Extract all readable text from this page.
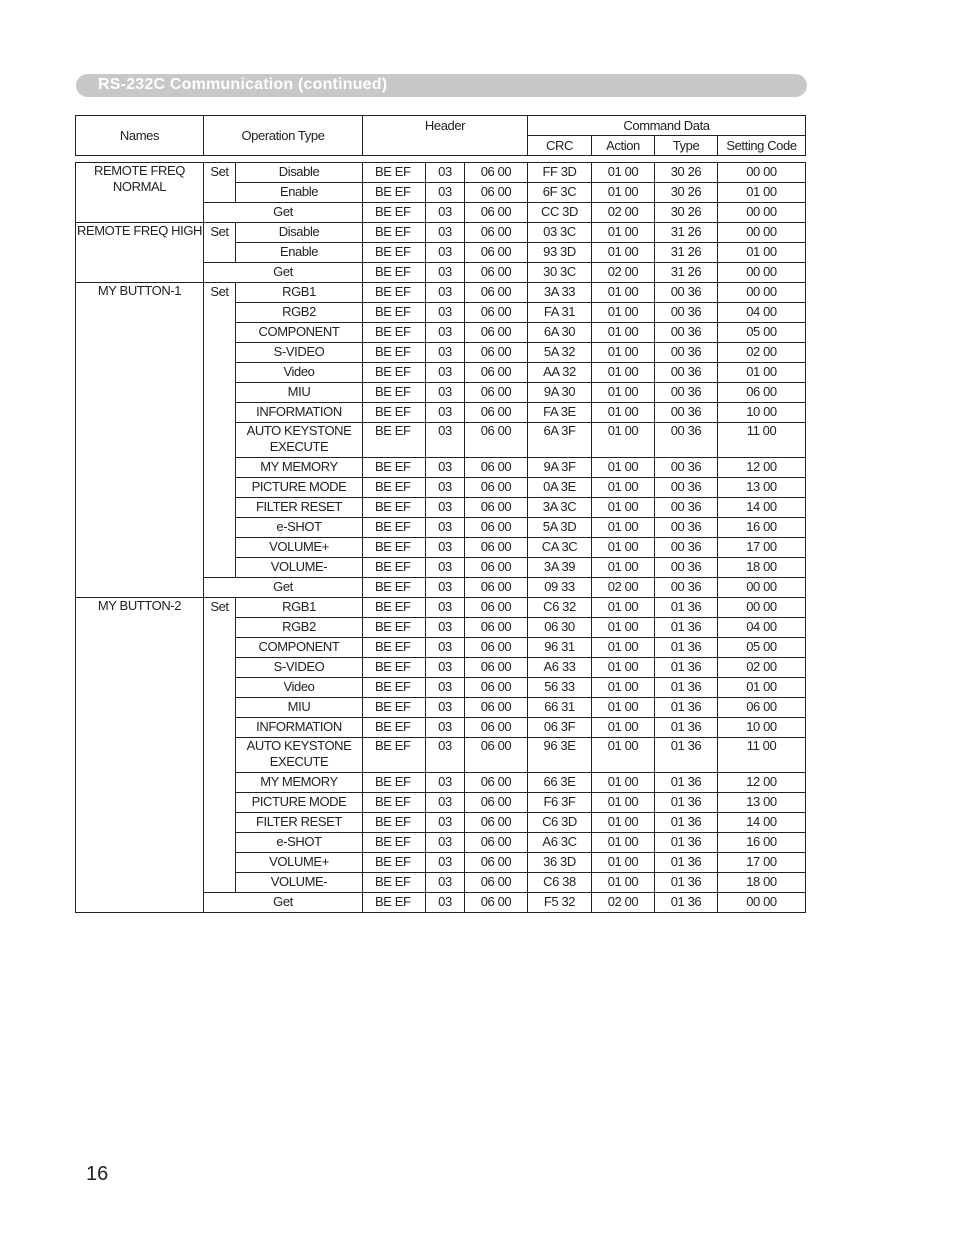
RS-232C Communication (continued)
Names	Operation Type		Header			Command Data			
						CRC	Action	Type	Setting Code

REMOTE FREQ NORMAL	Set	Disable	BE EF	03	06 00	FF 3D	01 00	30 26	00 00
		Enable	BE EF	03	06 00	6F 3C	01 00	30 26	01 00
	Get		BE EF	03	06 00	CC 3D	02 00	30 26	00 00
REMOTE FREQ HIGH	Set	Disable	BE EF	03	06 00	03 3C	01 00	31 26	00 00
		Enable	BE EF	03	06 00	93 3D	01 00	31 26	01 00
	Get		BE EF	03	06 00	30 3C	02 00	31 26	00 00
MY BUTTON-1	Set	RGB1	BE EF	03	06 00	3A 33	01 00	00 36	00 00
		RGB2	BE EF	03	06 00	FA 31	01 00	00 36	04 00
		COMPONENT	BE EF	03	06 00	6A 30	01 00	00 36	05 00
		S-VIDEO	BE EF	03	06 00	5A 32	01 00	00 36	02 00
		Video	BE EF	03	06 00	AA 32	01 00	00 36	01 00
		MIU	BE EF	03	06 00	9A 30	01 00	00 36	06 00
		INFORMATION	BE EF	03	06 00	FA 3E	01 00	00 36	10 00
		AUTO KEYSTONE EXECUTE	BE EF	03	06 00	6A 3F	01 00	00 36	11 00
		MY MEMORY	BE EF	03	06 00	9A 3F	01 00	00 36	12 00
		PICTURE MODE	BE EF	03	06 00	0A 3E	01 00	00 36	13 00
		FILTER RESET	BE EF	03	06 00	3A 3C	01 00	00 36	14 00
		e-SHOT	BE EF	03	06 00	5A 3D	01 00	00 36	16 00
		VOLUME+	BE EF	03	06 00	CA 3C	01 00	00 36	17 00
		VOLUME-	BE EF	03	06 00	3A 39	01 00	00 36	18 00
	Get		BE EF	03	06 00	09 33	02 00	00 36	00 00
MY BUTTON-2	Set	RGB1	BE EF	03	06 00	C6 32	01 00	01 36	00 00
		RGB2	BE EF	03	06 00	06 30	01 00	01 36	04 00
		COMPONENT	BE EF	03	06 00	96 31	01 00	01 36	05 00
		S-VIDEO	BE EF	03	06 00	A6 33	01 00	01 36	02 00
		Video	BE EF	03	06 00	56 33	01 00	01 36	01 00
		MIU	BE EF	03	06 00	66 31	01 00	01 36	06 00
		INFORMATION	BE EF	03	06 00	06 3F	01 00	01 36	10 00
		AUTO KEYSTONE EXECUTE	BE EF	03	06 00	96 3E	01 00	01 36	11 00
		MY MEMORY	BE EF	03	06 00	66 3E	01 00	01 36	12 00
		PICTURE MODE	BE EF	03	06 00	F6 3F	01 00	01 36	13 00
		FILTER RESET	BE EF	03	06 00	C6 3D	01 00	01 36	14 00
		e-SHOT	BE EF	03	06 00	A6 3C	01 00	01 36	16 00
		VOLUME+	BE EF	03	06 00	36 3D	01 00	01 36	17 00
		VOLUME-	BE EF	03	06 00	C6 38	01 00	01 36	18 00
	Get		BE EF	03	06 00	F5 32	02 00	01 36	00 00
16
